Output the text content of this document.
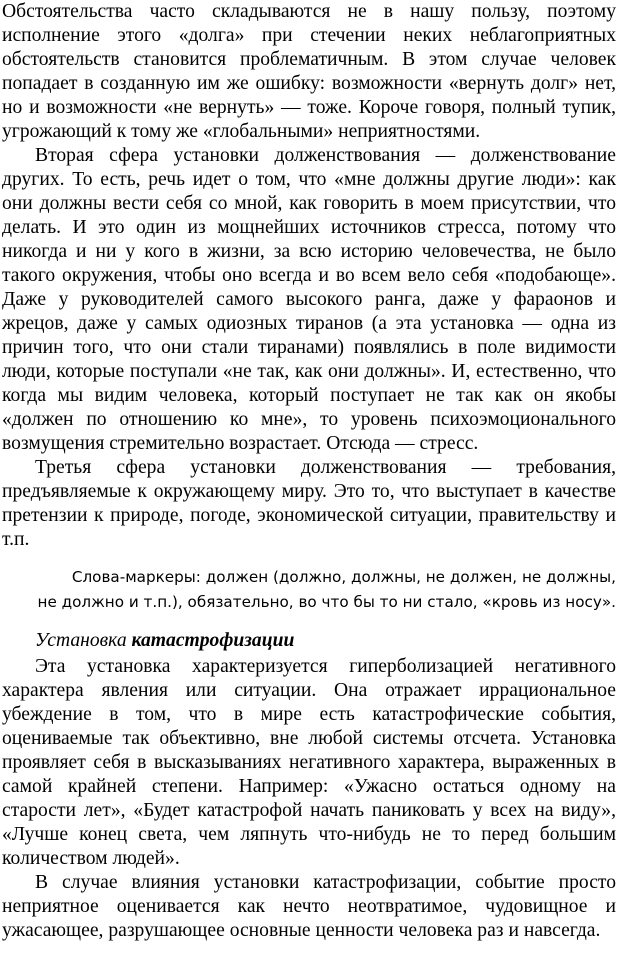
Обстоятельства часто складываются не в нашу пользу, поэтому исполнение этого «долга» при стечении неких неблагоприятных обстоятельств становится проблематичным. В этом случае человек попадает в созданную им же ошибку: возможности «вернуть долг» нет, но и возможности «не вернуть» — тоже. Короче говоря, полный тупик, угрожающий к тому же «глобальными» неприятностями.

Вторая сфера установки долженствования — долженствование других. То есть, речь идет о том, что «мне должны другие люди»: как они должны вести себя со мной, как говорить в моем присутствии, что делать. И это один из мощнейших источников стресса, потому что никогда и ни у кого в жизни, за всю историю человечества, не было такого окружения, чтобы оно всегда и во всем вело себя «подобающе». Даже у руководителей самого высокого ранга, даже у фараонов и жрецов, даже у самых одиозных тиранов (а эта установка — одна из причин того, что они стали тиранами) появлялись в поле видимости люди, которые поступали «не так, как они должны». И, естественно, что когда мы видим человека, который поступает не так как он якобы «должен по отношению ко мне», то уровень психоэмоционального возмущения стремительно возрастает. Отсюда — стресс.

Третья сфера установки долженствования — требования, предъявляемые к окружающему миру. Это то, что выступает в качестве претензии к природе, погоде, экономической ситуации, правительству и т.п.

Слова-маркеры: должен (должно, должны, не должен, не должны,
не должно и т.п.), обязательно, во что бы то ни стало, «кровь из носу».
Установка катастрофизации

Эта установка характеризуется гиперболизацией негативного характера явления или ситуации. Она отражает иррациональное убеждение в том, что в мире есть катастрофические события, оцениваемые так объективно, вне любой системы отсчета. Установка проявляет себя в высказываниях негативного характера, выраженных в самой крайней степени. Например: «Ужасно остаться одному на старости лет», «Будет катастрофой начать паниковать у всех на виду», «Лучше конец света, чем ляпнуть что-нибудь не то перед большим количеством людей».

В случае влияния установки катастрофизации, событие просто неприятное оценивается как нечто неотвратимое, чудовищное и ужасающее, разрушающее основные ценности человека раз и навсегда.
